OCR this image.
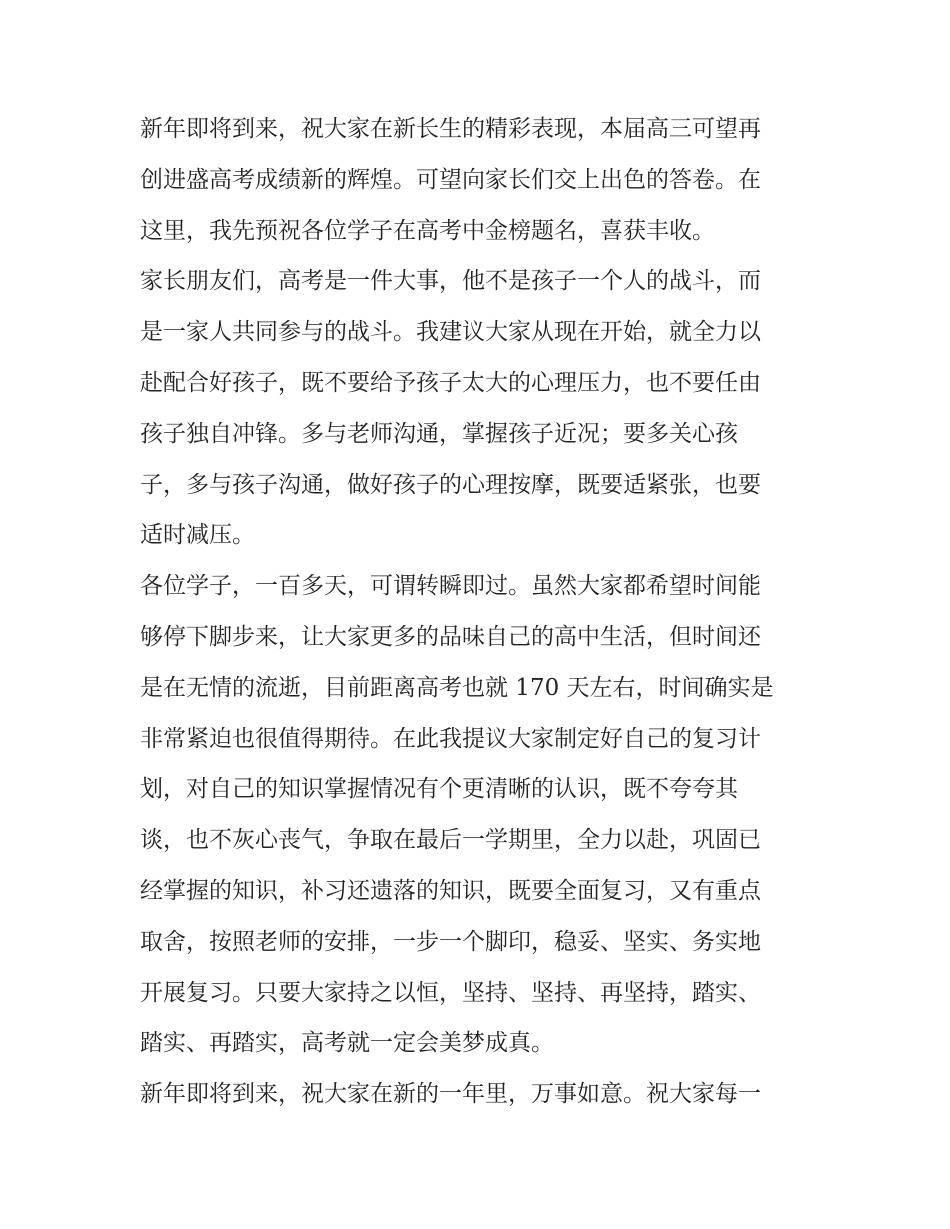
新年即将到来，祝大家在新长生的精彩表现，本届高三可望再
创进盛高考成绩新的辉煌。可望向家长们交上出色的答卷。在
这里，我先预祝各位学子在高考中金榜题名，喜获丰收。
家长朋友们，高考是一件大事，他不是孩子一个人的战斗，而
是一家人共同参与的战斗。我建议大家从现在开始，就全力以
赴配合好孩子，既不要给予孩子太大的心理压力，也不要任由
孩子独自冲锋。多与老师沟通，掌握孩子近况；要多关心孩
子，多与孩子沟通，做好孩子的心理按摩，既要适紧张，也要
适时减压。
各位学子，一百多天，可谓转瞬即过。虽然大家都希望时间能
够停下脚步来，让大家更多的品味自己的高中生活，但时间还
是在无情的流逝，目前距离高考也就 170 天左右，时间确实是
非常紧迫也很值得期待。在此我提议大家制定好自己的复习计
划，对自己的知识掌握情况有个更清晰的认识，既不夸夸其
谈，也不灰心丧气，争取在最后一学期里，全力以赴，巩固已
经掌握的知识，补习还遗落的知识，既要全面复习，又有重点
取舍，按照老师的安排，一步一个脚印，稳妥、坚实、务实地
开展复习。只要大家持之以恒，坚持、坚持、再坚持，踏实、
踏实、再踏实，高考就一定会美梦成真。
新年即将到来，祝大家在新的一年里，万事如意。祝大家每一
